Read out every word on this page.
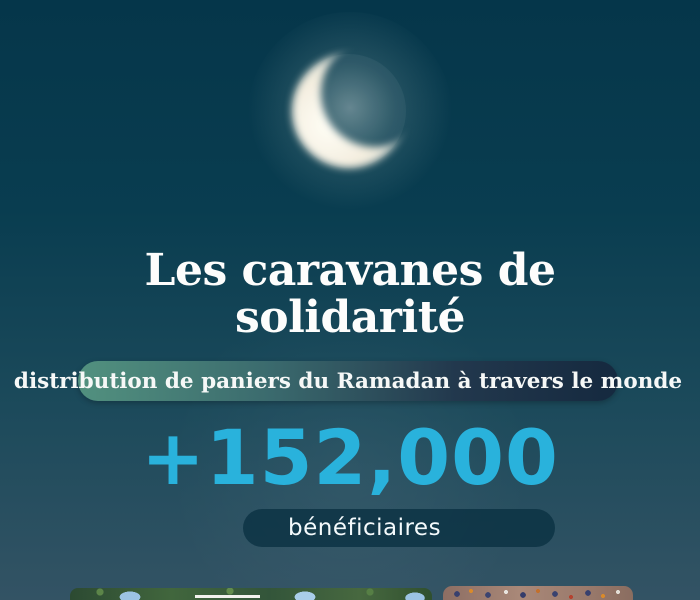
Les caravanes de
solidarité
distribution de paniers du Ramadan à travers le monde
+152,000
bénéficiaires
